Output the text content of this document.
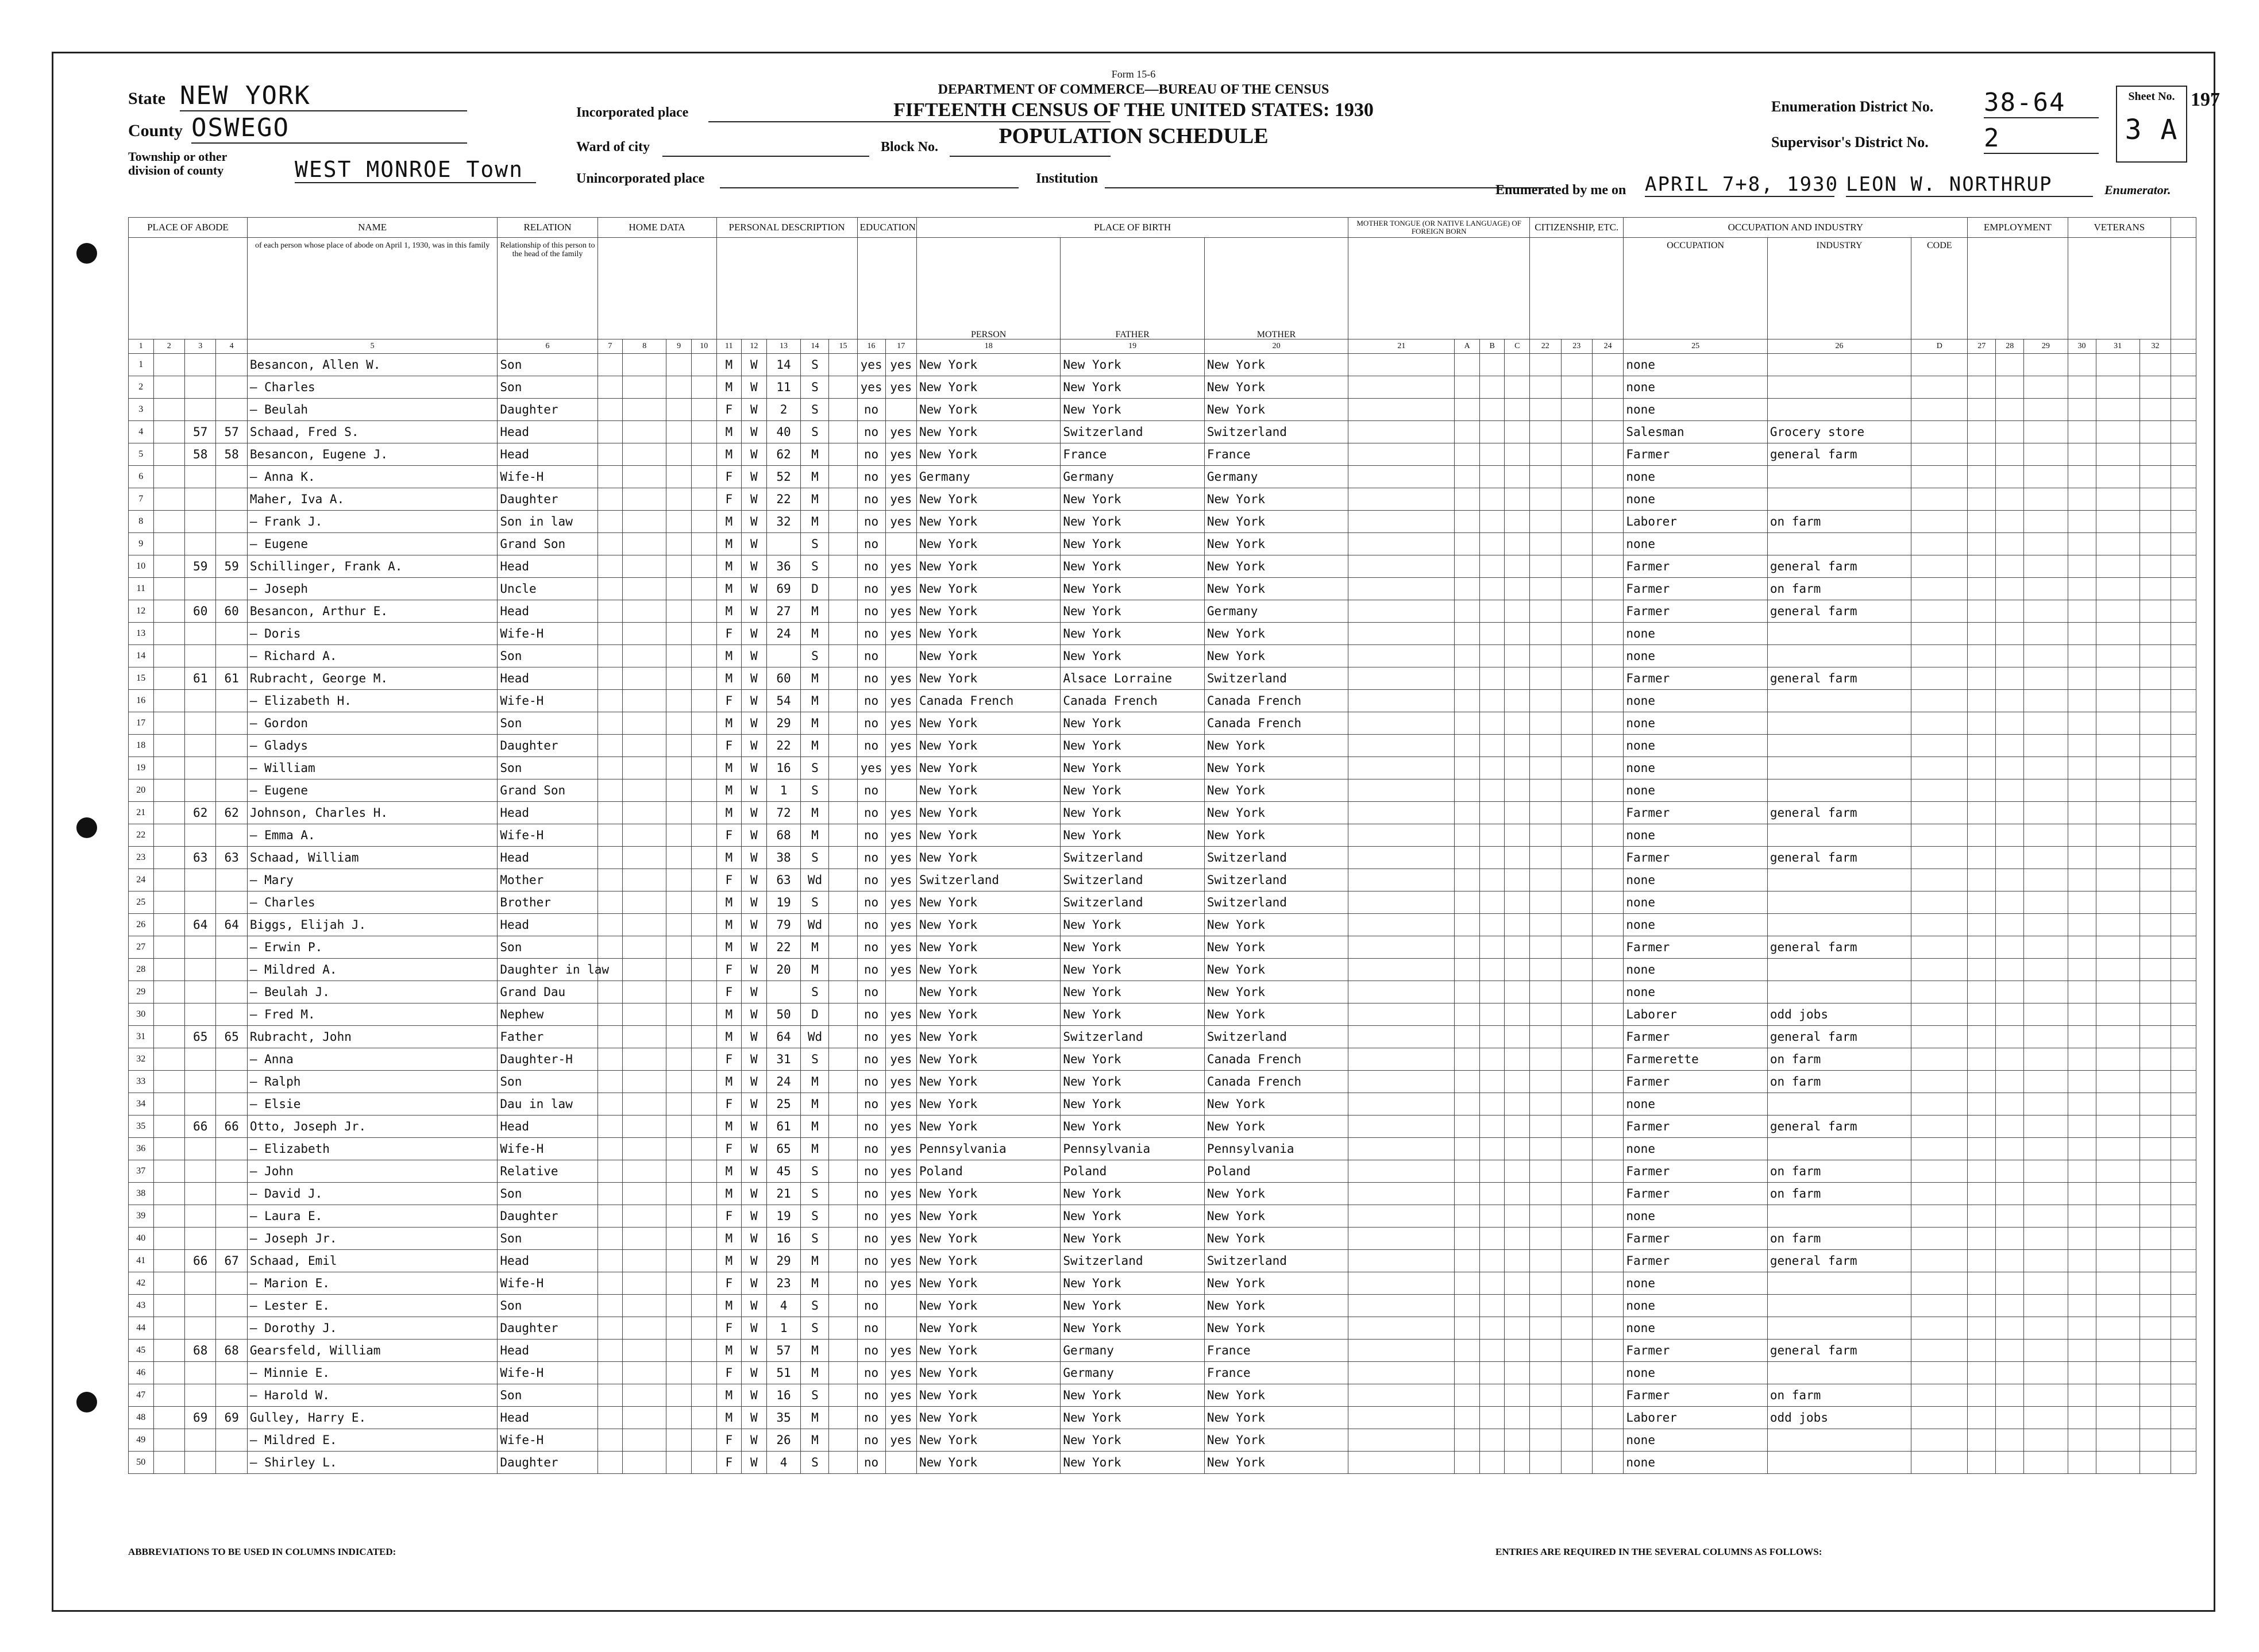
State NEW YORK
County OSWEGO
Township or other division of county	WEST MONROE Town
Incorporated place
Ward of city	Block No.
Unincorporated place	Institution
Form 15-6
DEPARTMENT OF COMMERCE—BUREAU OF THE CENSUS
FIFTEENTH CENSUS OF THE UNITED STATES: 1930
POPULATION SCHEDULE
Enumeration District No. 38-64
Supervisor's District No. 2
Sheet No.
3 A
197
Enumerated by me on APRIL 7+8, 1930 LEON W. NORTHRUP	Enumerator.
PLACE OF ABODE				NAME	RELATION	HOME DATA				PERSONAL DESCRIPTION					EDUCATION		PLACE OF BIRTH			MOTHER TONGUE (OR NATIVE LANGUAGE) OF FOREIGN BORN				CITIZENSHIP, ETC.			OCCUPATION AND INDUSTRY			EMPLOYMENT			VETERANS			
				of each person whose place of abode on April 1, 1930, was in this family	Relationship of this person to the head of the family												PERSON	FATHER	MOTHER								OCCUPATION	INDUSTRY	CODE							
1	2	3	4	5	6	7	8	9	10	11	12	13	14	15	16	17	18	19	20	21	A	B	C	22	23	24	25	26	D	27	28	29	30	31	32	
1				Besancon, Allen W.	Son					M	W	14	S		yes	yes	New York	New York	New York								none									
2				— Charles	Son					M	W	11	S		yes	yes	New York	New York	New York								none									
3				— Beulah	Daughter					F	W	2	S		no		New York	New York	New York								none									
4		57	57	Schaad, Fred S.	Head					M	W	40	S		no	yes	New York	Switzerland	Switzerland								Salesman	Grocery store								
5		58	58	Besancon, Eugene J.	Head					M	W	62	M		no	yes	New York	France	France								Farmer	general farm								
6				— Anna K.	Wife-H					F	W	52	M		no	yes	Germany	Germany	Germany								none									
7				Maher, Iva A.	Daughter					F	W	22	M		no	yes	New York	New York	New York								none									
8				— Frank J.	Son in law					M	W	32	M		no	yes	New York	New York	New York								Laborer	on farm								
9				— Eugene	Grand Son					M	W		S		no		New York	New York	New York								none									
10		59	59	Schillinger, Frank A.	Head					M	W	36	S		no	yes	New York	New York	New York								Farmer	general farm								
11				— Joseph	Uncle					M	W	69	D		no	yes	New York	New York	New York								Farmer	on farm								
12		60	60	Besancon, Arthur E.	Head					M	W	27	M		no	yes	New York	New York	Germany								Farmer	general farm								
13				— Doris	Wife-H					F	W	24	M		no	yes	New York	New York	New York								none									
14				— Richard A.	Son					M	W		S		no		New York	New York	New York								none									
15		61	61	Rubracht, George M.	Head					M	W	60	M		no	yes	New York	Alsace Lorraine	Switzerland								Farmer	general farm								
16				— Elizabeth H.	Wife-H					F	W	54	M		no	yes	Canada French	Canada French	Canada French								none									
17				— Gordon	Son					M	W	29	M		no	yes	New York	New York	Canada French								none									
18				— Gladys	Daughter					F	W	22	M		no	yes	New York	New York	New York								none									
19				— William	Son					M	W	16	S		yes	yes	New York	New York	New York								none									
20				— Eugene	Grand Son					M	W	1	S		no		New York	New York	New York								none									
21		62	62	Johnson, Charles H.	Head					M	W	72	M		no	yes	New York	New York	New York								Farmer	general farm								
22				— Emma A.	Wife-H					F	W	68	M		no	yes	New York	New York	New York								none									
23		63	63	Schaad, William	Head					M	W	38	S		no	yes	New York	Switzerland	Switzerland								Farmer	general farm								
24				— Mary	Mother					F	W	63	Wd		no	yes	Switzerland	Switzerland	Switzerland								none									
25				— Charles	Brother					M	W	19	S		no	yes	New York	Switzerland	Switzerland								none									
26		64	64	Biggs, Elijah J.	Head					M	W	79	Wd		no	yes	New York	New York	New York								none									
27				— Erwin P.	Son					M	W	22	M		no	yes	New York	New York	New York								Farmer	general farm								
28				— Mildred A.	Daughter in law					F	W	20	M		no	yes	New York	New York	New York								none									
29				— Beulah J.	Grand Dau					F	W		S		no		New York	New York	New York								none									
30				— Fred M.	Nephew					M	W	50	D		no	yes	New York	New York	New York								Laborer	odd jobs								
31		65	65	Rubracht, John	Father					M	W	64	Wd		no	yes	New York	Switzerland	Switzerland								Farmer	general farm								
32				— Anna	Daughter-H					F	W	31	S		no	yes	New York	New York	Canada French								Farmerette	on farm								
33				— Ralph	Son					M	W	24	M		no	yes	New York	New York	Canada French								Farmer	on farm								
34				— Elsie	Dau in law					F	W	25	M		no	yes	New York	New York	New York								none									
35		66	66	Otto, Joseph Jr.	Head					M	W	61	M		no	yes	New York	New York	New York								Farmer	general farm								
36				— Elizabeth	Wife-H					F	W	65	M		no	yes	Pennsylvania	Pennsylvania	Pennsylvania								none									
37				— John	Relative					M	W	45	S		no	yes	Poland	Poland	Poland								Farmer	on farm								
38				— David J.	Son					M	W	21	S		no	yes	New York	New York	New York								Farmer	on farm								
39				— Laura E.	Daughter					F	W	19	S		no	yes	New York	New York	New York								none									
40				— Joseph Jr.	Son					M	W	16	S		no	yes	New York	New York	New York								Farmer	on farm								
41		66	67	Schaad, Emil	Head					M	W	29	M		no	yes	New York	Switzerland	Switzerland								Farmer	general farm								
42				— Marion E.	Wife-H					F	W	23	M		no	yes	New York	New York	New York								none									
43				— Lester E.	Son					M	W	4	S		no		New York	New York	New York								none									
44				— Dorothy J.	Daughter					F	W	1	S		no		New York	New York	New York								none									
45		68	68	Gearsfeld, William	Head					M	W	57	M		no	yes	New York	Germany	France								Farmer	general farm								
46				— Minnie E.	Wife-H					F	W	51	M		no	yes	New York	Germany	France								none									
47				— Harold W.	Son					M	W	16	S		no	yes	New York	New York	New York								Farmer	on farm								
48		69	69	Gulley, Harry E.	Head					M	W	35	M		no	yes	New York	New York	New York								Laborer	odd jobs								
49				— Mildred E.	Wife-H					F	W	26	M		no	yes	New York	New York	New York								none									
50				— Shirley L.	Daughter					F	W	4	S		no		New York	New York	New York								none									
ABBREVIATIONS TO BE USED IN COLUMNS INDICATED:	ENTRIES ARE REQUIRED IN THE SEVERAL COLUMNS AS FOLLOWS:
